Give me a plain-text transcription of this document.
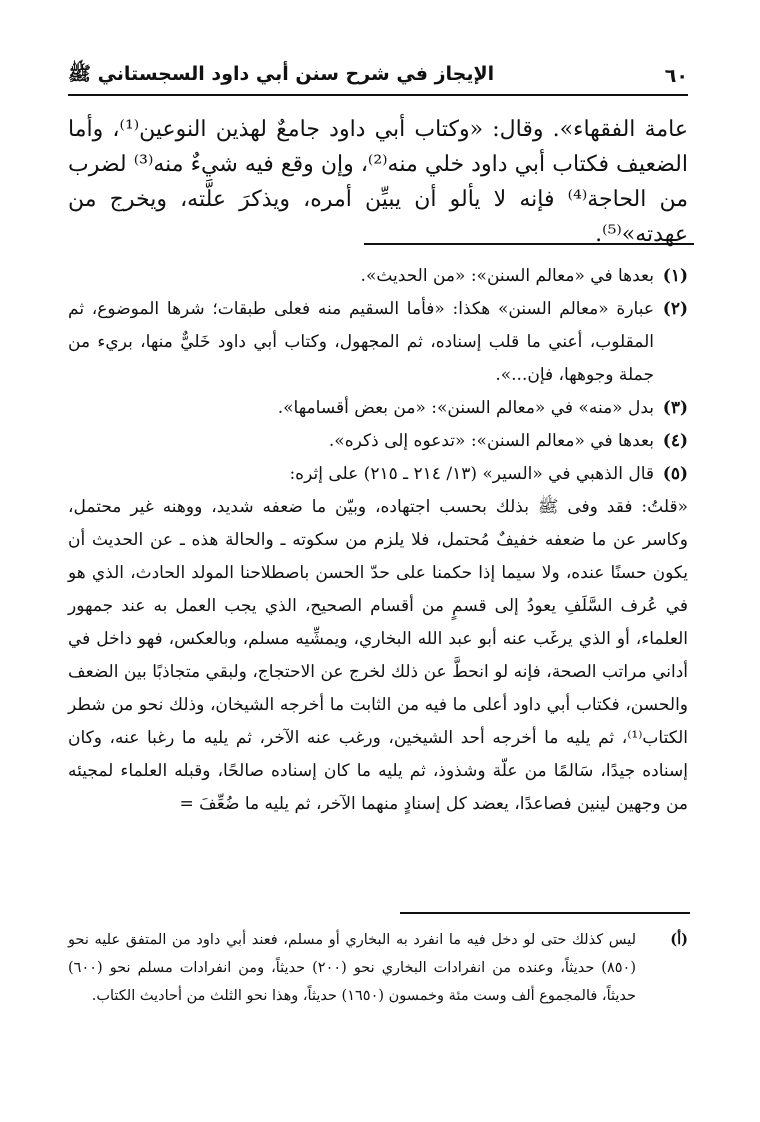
٦٠
الإيجاز في شرح سنن أبي داود السجستاني ﷺ

عامة الفقهاء». وقال: «وكتاب أبي داود جامعٌ لهذين النوعين⁽¹⁾، وأما الضعيف فكتاب أبي داود خلي منه⁽²⁾، وإن وقع فيه شيءٌ منه⁽³⁾ لضرب من الحاجة⁽⁴⁾ فإنه لا يألو أن يبيِّن أمره، ويذكرَ علَّته، ويخرج من عهدته»⁽⁵⁾.

(١)
بعدها في «معالم السنن»: «من الحديث».
(٢)
عبارة «معالم السنن» هكذا: «فأما السقيم منه فعلى طبقات؛ شرها الموضوع، ثم المقلوب، أعني ما قلب إسناده، ثم المجهول، وكتاب أبي داود خَليٌّ منها، بريء من جملة وجوهها، فإن...».
(٣)
بدل «منه» في «معالم السنن»: «من بعض أقسامها».
(٤)
بعدها في «معالم السنن»: «تدعوه إلى ذكره».
(٥)
قال الذهبي في «السير» (١٣/ ٢١٤ ـ ٢١٥) على إثره:
«قلتُ: فقد وفى ﷺ بذلك بحسب اجتهاده، وبيّن ما ضعفه شديد، ووهنه غير محتمل، وكاسر عن ما ضعفه خفيفٌ مُحتمل، فلا يلزم من سكوته ـ والحالة هذه ـ عن الحديث أن يكون حسنًا عنده، ولا سيما إذا حكمنا على حدّ الحسن باصطلاحنا المولد الحادث، الذي هو في عُرف السَّلَفِ يعودُ إلى قسمٍ من أقسام الصحيح، الذي يجب العمل به عند جمهور العلماء، أو الذي يرغَب عنه أبو عبد الله البخاري، ويمشِّيه مسلم، وبالعكس، فهو داخل في أداني مراتب الصحة، فإنه لو انحطَّ عن ذلك لخرج عن الاحتجاج، ولبقي متجاذبًا بين الضعف والحسن، فكتاب أبي داود أعلى ما فيه من الثابت ما أخرجه الشيخان، وذلك نحو من شطر الكتاب⁽¹⁾، ثم يليه ما أخرجه أحد الشيخين، ورغب عنه الآخر، ثم يليه ما رغبا عنه، وكان إسناده جيدًا، سَالمًا من علّة وشذوذ، ثم يليه ما كان إسناده صالحًا، وقبله العلماء لمجيئه من وجهين لينين فصاعدًا، يعضد كل إسنادٍ منهما الآخر، ثم يليه ما ضُعِّفَ =
(أ)
ليس كذلك حتى لو دخل فيه ما انفرد به البخاري أو مسلم، فعند أبي داود من المتفق عليه نحو (٨٥٠) حديثاً، وعنده من انفرادات البخاري نحو (٢٠٠) حديثاً، ومن انفرادات مسلم نحو (٦٠٠) حديثاً، فالمجموع ألف وست مئة وخمسون (١٦٥٠) حديثاً، وهذا نحو الثلث من أحاديث الكتاب.
